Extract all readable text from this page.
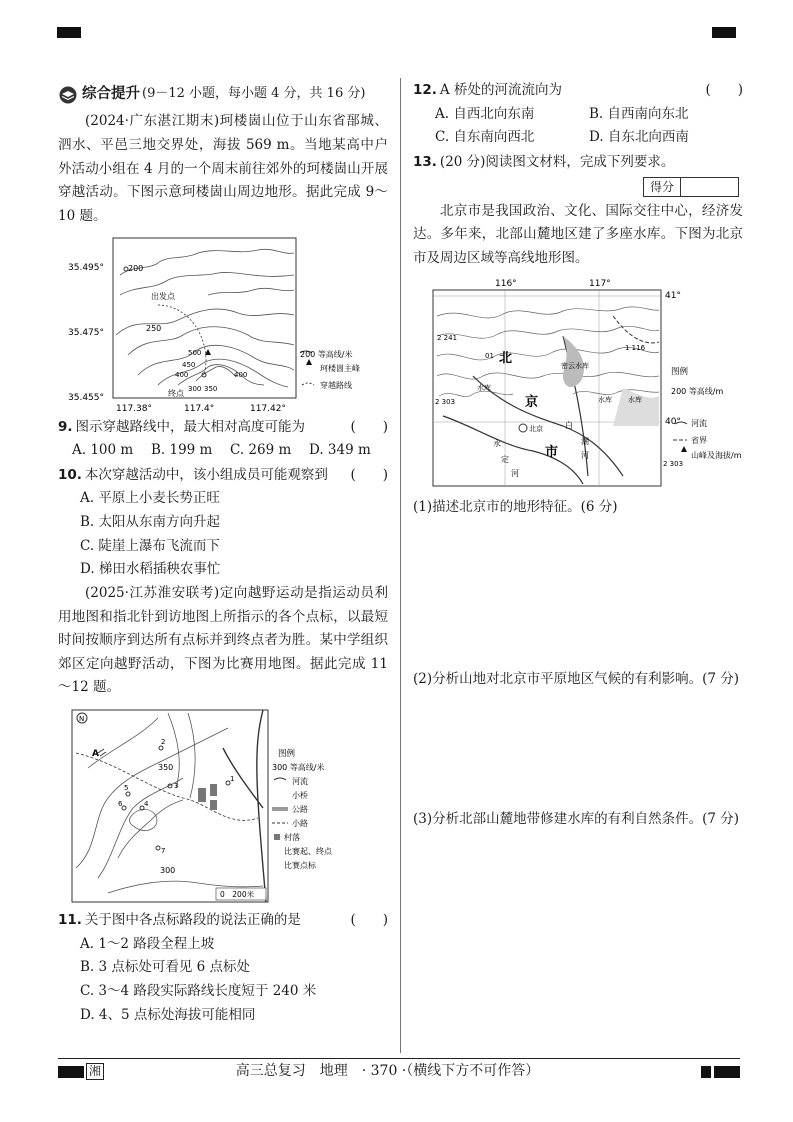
综合提升 (9－12 小题，每小题 4 分，共 16 分)

(2024·广东湛江期末)珂楼崮山位于山东省郚城、泗水、平邑三地交界处，海拔 569 m。当地某高中户外活动小组在 4 月的一个周末前往郊外的珂楼崮山开展穿越活动。下图示意珂楼崮山周边地形。据此完成 9～10 题。

200
出发点
250
500
450
400
300 350
400
终点
35.495°
35.475°
35.455°
117.38°	117.4°	117.42°
200 等高线/米
珂楼崮主峰
穿越路线
9. 图示穿越路线中，最大相对高度可能为	(　　)
A. 100 m	B. 199 m	C. 269 m	D. 349 m
10. 本次穿越活动中，该小组成员可能观察到 (　　)
A. 平原上小麦长势正旺
B. 太阳从东南方向升起
C. 陡崖上瀑布飞流而下
D. 梯田水稻插秧农事忙

(2025·江苏淮安联考)定向越野运动是指运动员利用地图和指北针到访地图上所指示的各个点标，以最短时间按顺序到达所有点标并到终点者为胜。某中学组织郊区定向越野活动，下图为比赛用地图。据此完成 11～12 题。

N
A
2
3
4
5
6
7
1
350
300
0　200米
图例
300 等高线/米
河流
小桥
公路
小路
村落
比赛起、终点
比赛点标
11. 关于图中各点标路段的说法正确的是	(　　)
A. 1～2 路段全程上坡
B. 3 点标处可看见 6 点标处
C. 3～4 路段实际路线长度短于 240 米
D. 4、5 点标处海拔可能相同
12. A 桥处的河流流向为	(　　)
A. 自西北向东南	B. 自西南向东北
C. 自东南向西北	D. 自东北向西南
13. (20 分)阅读图文材料，完成下列要求。
得分

北京市是我国政治、文化、国际交往中心，经济发达。多年来，北部山麓地区建了多座水库。下图为北京市及周边区域等高线地形图。

116°	117°
41°
40°
北
京
市
密云水库
水库
水库 水库
北京	白
潮
河
永
定
河
2 241
2 303
1 116
01
图例
200 等高线/m
河流
省界
2 303
山峰及海拔/m
(1)描述北京市的地形特征。(6 分)
(2)分析山地对北京市平原地区气候的有利影响。(7 分)
(3)分析北部山麓地带修建水库的有利自然条件。(7 分)
湘	高三总复习　地理　· 370 ·（横线下方不可作答）
